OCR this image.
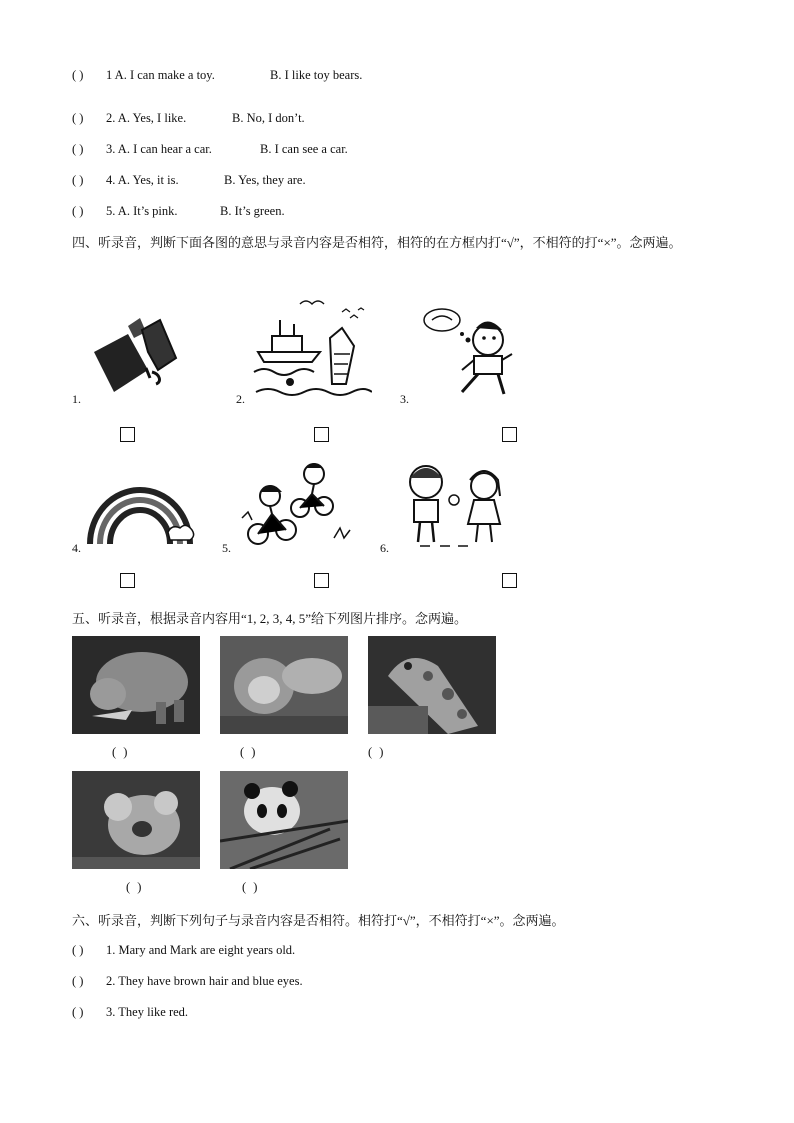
( ) 1 A. I can make a toy.	B. I like toy bears.
( ) 2. A. Yes, I like.	B. No, I don’t.
( ) 3. A. I can hear a car.	B. I can see a car.
( ) 4. A. Yes, it is.	B. Yes, they are.
( ) 5. A. It’s pink.	B. It’s green.
四、听录音，判断下面各图的意思与录音内容是否相符，相符的在方框内打“√”，不相符的打“×”。念两遍。
1.	2.	3.
4.	5.	6.
五、听录音，根据录音内容用“1, 2, 3, 4, 5”给下列图片排序。念两遍。
( )	( )	( )
( )	( )
六、听录音，判断下列句子与录音内容是否相符。相符打“√”，不相符打“×”。念两遍。
( ) 1. Mary and Mark are eight years old.
( ) 2. They have brown hair and blue eyes.
( ) 3. They like red.
